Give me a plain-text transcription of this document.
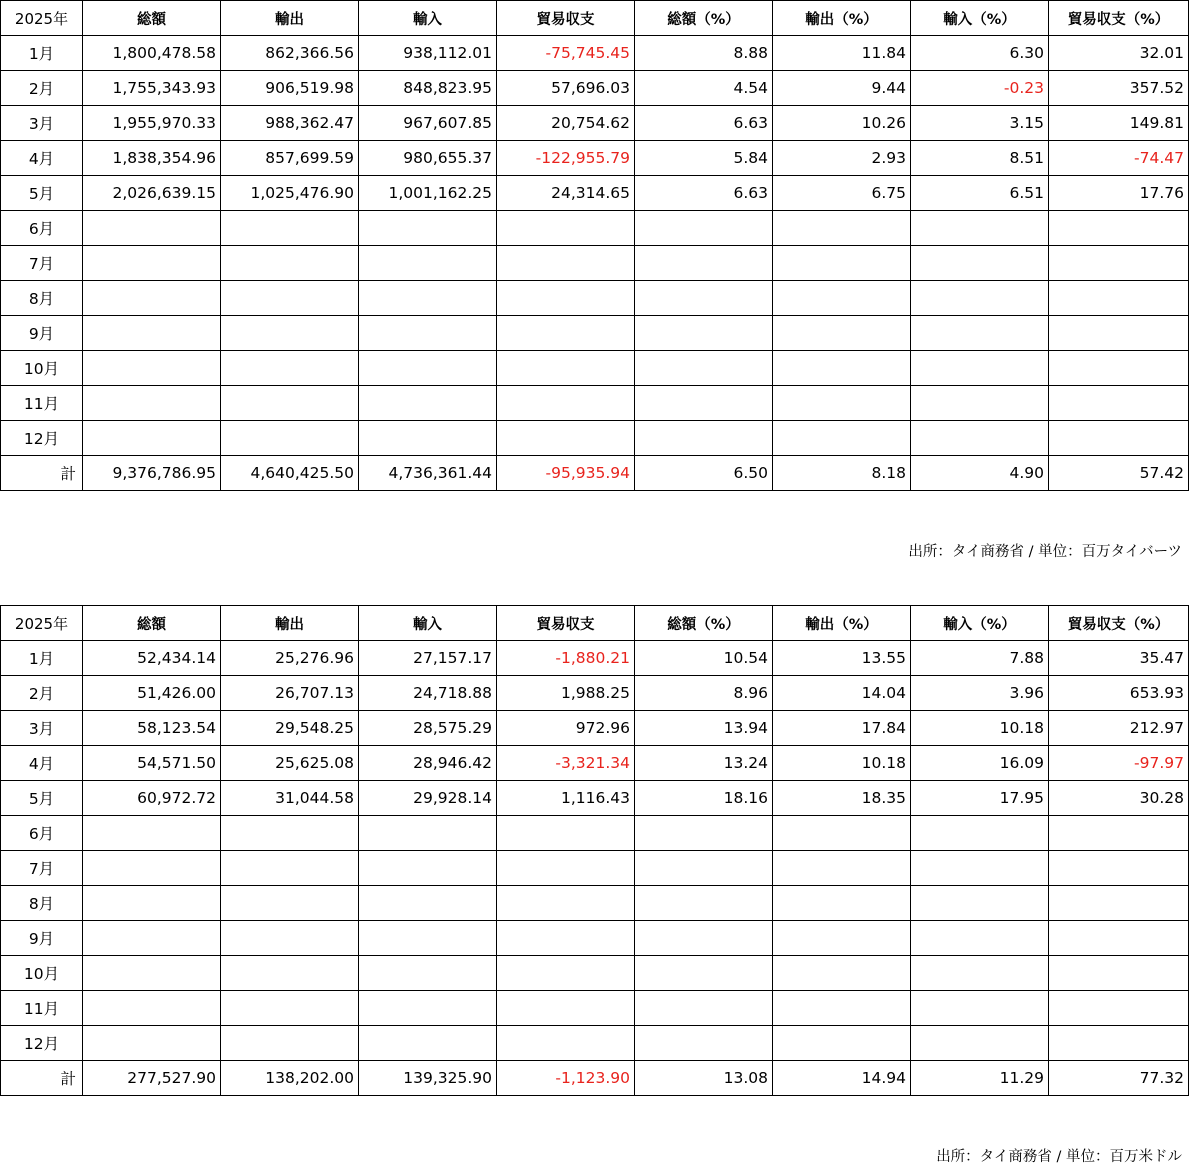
2025年	総額	輸出	輸入	貿易収支	総額（%）	輸出（%）	輸入（%）	貿易収支（%）
1月	1,800,478.58	862,366.56	938,112.01	-75,745.45	8.88	11.84	6.30	32.01
2月	1,755,343.93	906,519.98	848,823.95	57,696.03	4.54	9.44	-0.23	357.52
3月	1,955,970.33	988,362.47	967,607.85	20,754.62	6.63	10.26	3.15	149.81
4月	1,838,354.96	857,699.59	980,655.37	-122,955.79	5.84	2.93	8.51	-74.47
5月	2,026,639.15	1,025,476.90	1,001,162.25	24,314.65	6.63	6.75	6.51	17.76
6月								
7月								
8月								
9月								
10月								
11月								
12月								
計	9,376,786.95	4,640,425.50	4,736,361.44	-95,935.94	6.50	8.18	4.90	57.42
出所：タイ商務省 / 単位：百万タイバーツ
2025年	総額	輸出	輸入	貿易収支	総額（%）	輸出（%）	輸入（%）	貿易収支（%）
1月	52,434.14	25,276.96	27,157.17	-1,880.21	10.54	13.55	7.88	35.47
2月	51,426.00	26,707.13	24,718.88	1,988.25	8.96	14.04	3.96	653.93
3月	58,123.54	29,548.25	28,575.29	972.96	13.94	17.84	10.18	212.97
4月	54,571.50	25,625.08	28,946.42	-3,321.34	13.24	10.18	16.09	-97.97
5月	60,972.72	31,044.58	29,928.14	1,116.43	18.16	18.35	17.95	30.28
6月								
7月								
8月								
9月								
10月								
11月								
12月								
計	277,527.90	138,202.00	139,325.90	-1,123.90	13.08	14.94	11.29	77.32
出所：タイ商務省 / 単位：百万米ドル
